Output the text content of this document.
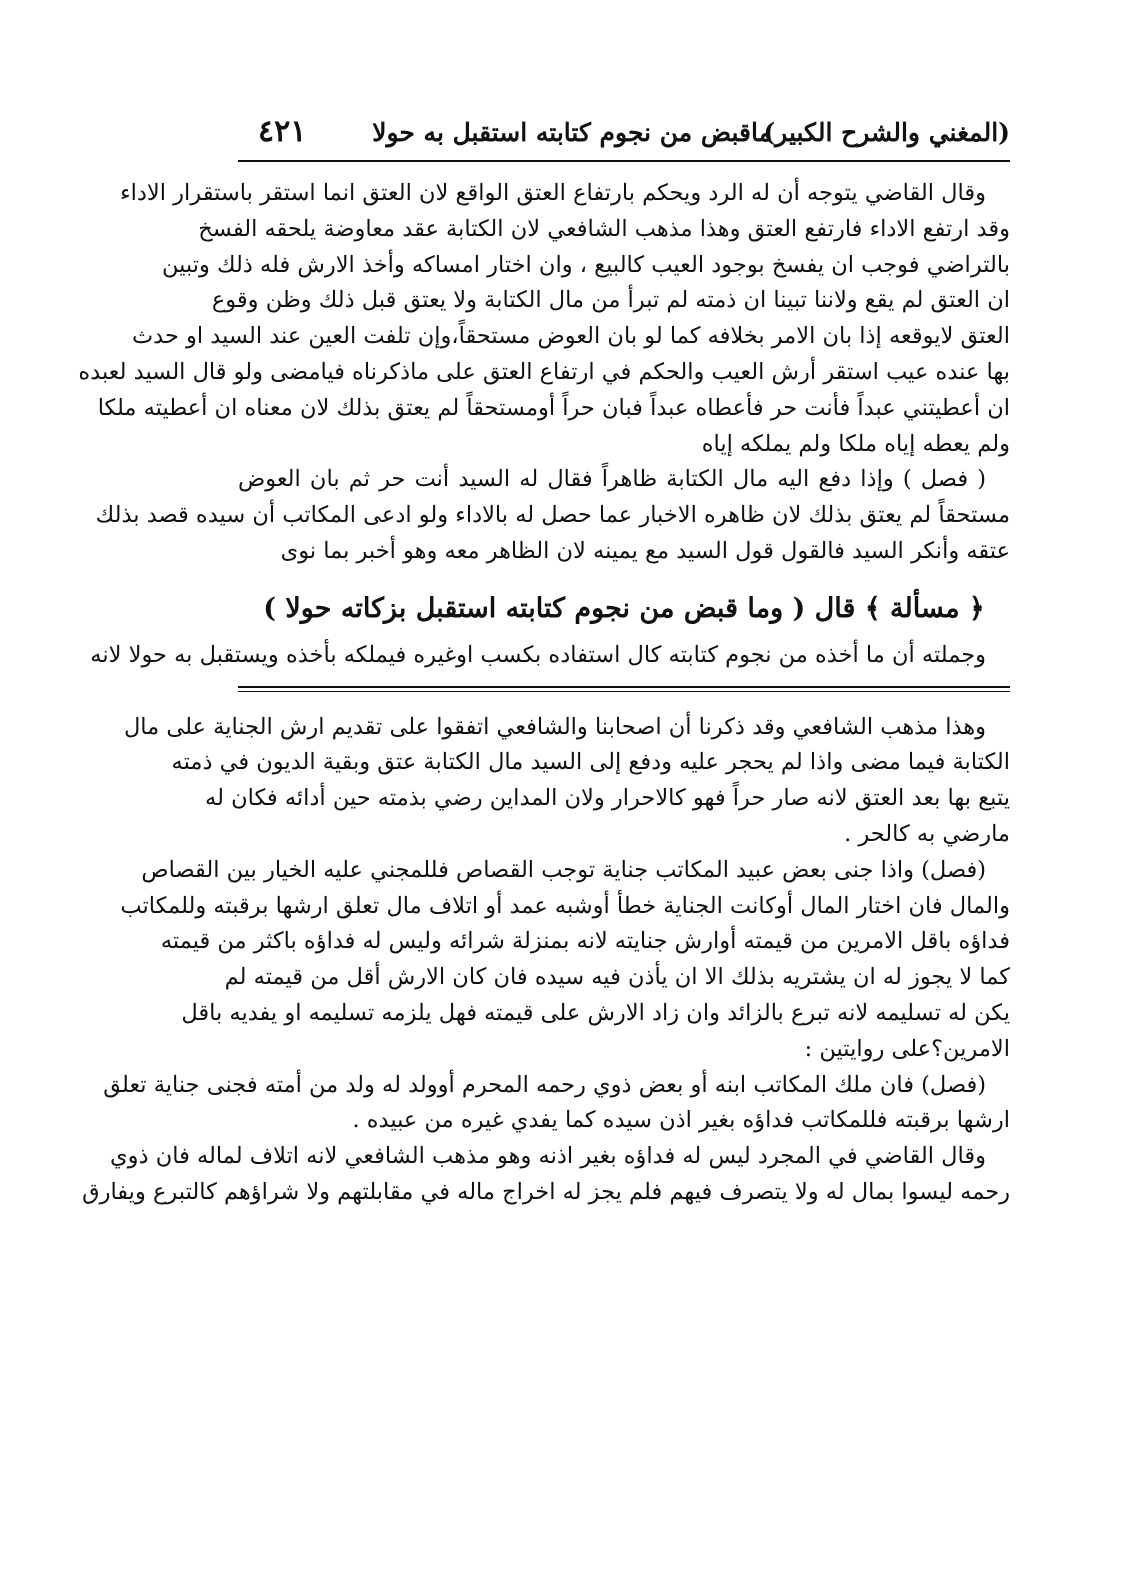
(المغني والشرح الكبير)
ماقبض من نجوم كتابته استقبل به حولا
٤٢١
وقال القاضي يتوجه أن له الرد ويحكم بارتفاع العتق الواقع لان العتق انما استقر باستقرار الاداء
وقد ارتفع الاداء فارتفع العتق وهذا مذهب الشافعي لان الكتابة عقد معاوضة يلحقه الفسخ
بالتراضي فوجب ان يفسخ بوجود العيب كالبيع ، وان اختار امساكه وأخذ الارش فله ذلك وتبين
ان العتق لم يقع ولاننا تبينا ان ذمته لم تبرأ من مال الكتابة ولا يعتق قبل ذلك وظن وقوع
العتق لايوقعه إذا بان الامر بخلافه كما لو بان العوض مستحقاً،وإن تلفت العين عند السيد او حدث
بها عنده عيب استقر أرش العيب والحكم في ارتفاع العتق على ماذكرناه فيامضى ولو قال السيد لعبده
ان أعطيتني عبداً فأنت حر فأعطاه عبداً فبان حراً أومستحقاً لم يعتق بذلك لان معناه ان أعطيته ملكا
ولم يعطه إياه ملكا ولم يملكه إياه
( فصل ) وإذا دفع اليه مال الكتابة ظاهراً فقال له السيد أنت حر ثم بان العوض
مستحقاً لم يعتق بذلك لان ظاهره الاخبار عما حصل له بالاداء ولو ادعى المكاتب أن سيده قصد بذلك
عتقه وأنكر السيد فالقول قول السيد مع يمينه لان الظاهر معه وهو أخبر بما نوى
﴿ مسألة ﴾ قال ( وما قبض من نجوم كتابته استقبل بزكاته حولا )
وجملته أن ما أخذه من نجوم كتابته كال استفاده بكسب اوغيره فيملكه بأخذه ويستقبل به حولا لانه
وهذا مذهب الشافعي وقد ذكرنا أن اصحابنا والشافعي اتفقوا على تقديم ارش الجناية على مال
الكتابة فيما مضى واذا لم يحجر عليه ودفع إلى السيد مال الكتابة عتق وبقية الديون في ذمته
يتبع بها بعد العتق لانه صار حراً فهو كالاحرار ولان المداين رضي بذمته حين أدائه فكان له
مارضي به كالحر .
(فصل) واذا جنى بعض عبيد المكاتب جناية توجب القصاص فللمجني عليه الخيار بين القصاص
والمال فان اختار المال أوكانت الجناية خطأ أوشبه عمد أو اتلاف مال تعلق ارشها برقبته وللمكاتب
فداؤه باقل الامرين من قيمته أوارش جنايته لانه بمنزلة شرائه وليس له فداؤه باكثر من قيمته
كما لا يجوز له ان يشتريه بذلك الا ان يأذن فيه سيده فان كان الارش أقل من قيمته لم
يكن له تسليمه لانه تبرع بالزائد وان زاد الارش على قيمته فهل يلزمه تسليمه او يفديه باقل
الامرين؟على روايتين :
(فصل) فان ملك المكاتب ابنه أو بعض ذوي رحمه المحرم أوولد له ولد من أمته فجنى جناية تعلق
ارشها برقبته فللمكاتب فداؤه بغير اذن سيده كما يفدي غيره من عبيده .
وقال القاضي في المجرد ليس له فداؤه بغير اذنه وهو مذهب الشافعي لانه اتلاف لماله فان ذوي
رحمه ليسوا بمال له ولا يتصرف فيهم فلم يجز له اخراج ماله في مقابلتهم ولا شراؤهم كالتبرع ويفارق
